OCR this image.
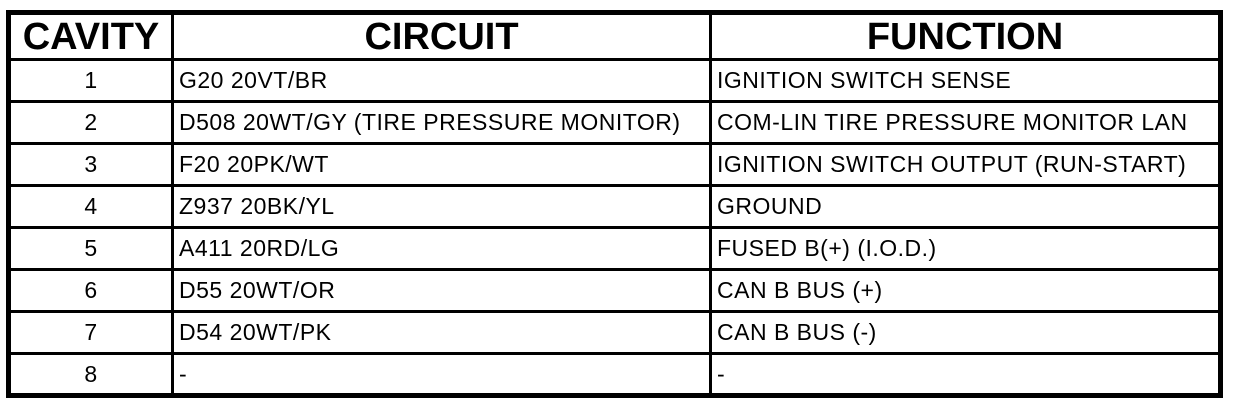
CAVITY	CIRCUIT	FUNCTION
1	G20 20VT/BR	IGNITION SWITCH SENSE
2	D508 20WT/GY (TIRE PRESSURE MONITOR)	COM-LIN TIRE PRESSURE MONITOR LAN
3	F20 20PK/WT	IGNITION SWITCH OUTPUT (RUN-START)
4	Z937 20BK/YL	GROUND
5	A411 20RD/LG	FUSED B(+) (I.O.D.)
6	D55 20WT/OR	CAN B BUS (+)
7	D54 20WT/PK	CAN B BUS (-)
8	-	-
